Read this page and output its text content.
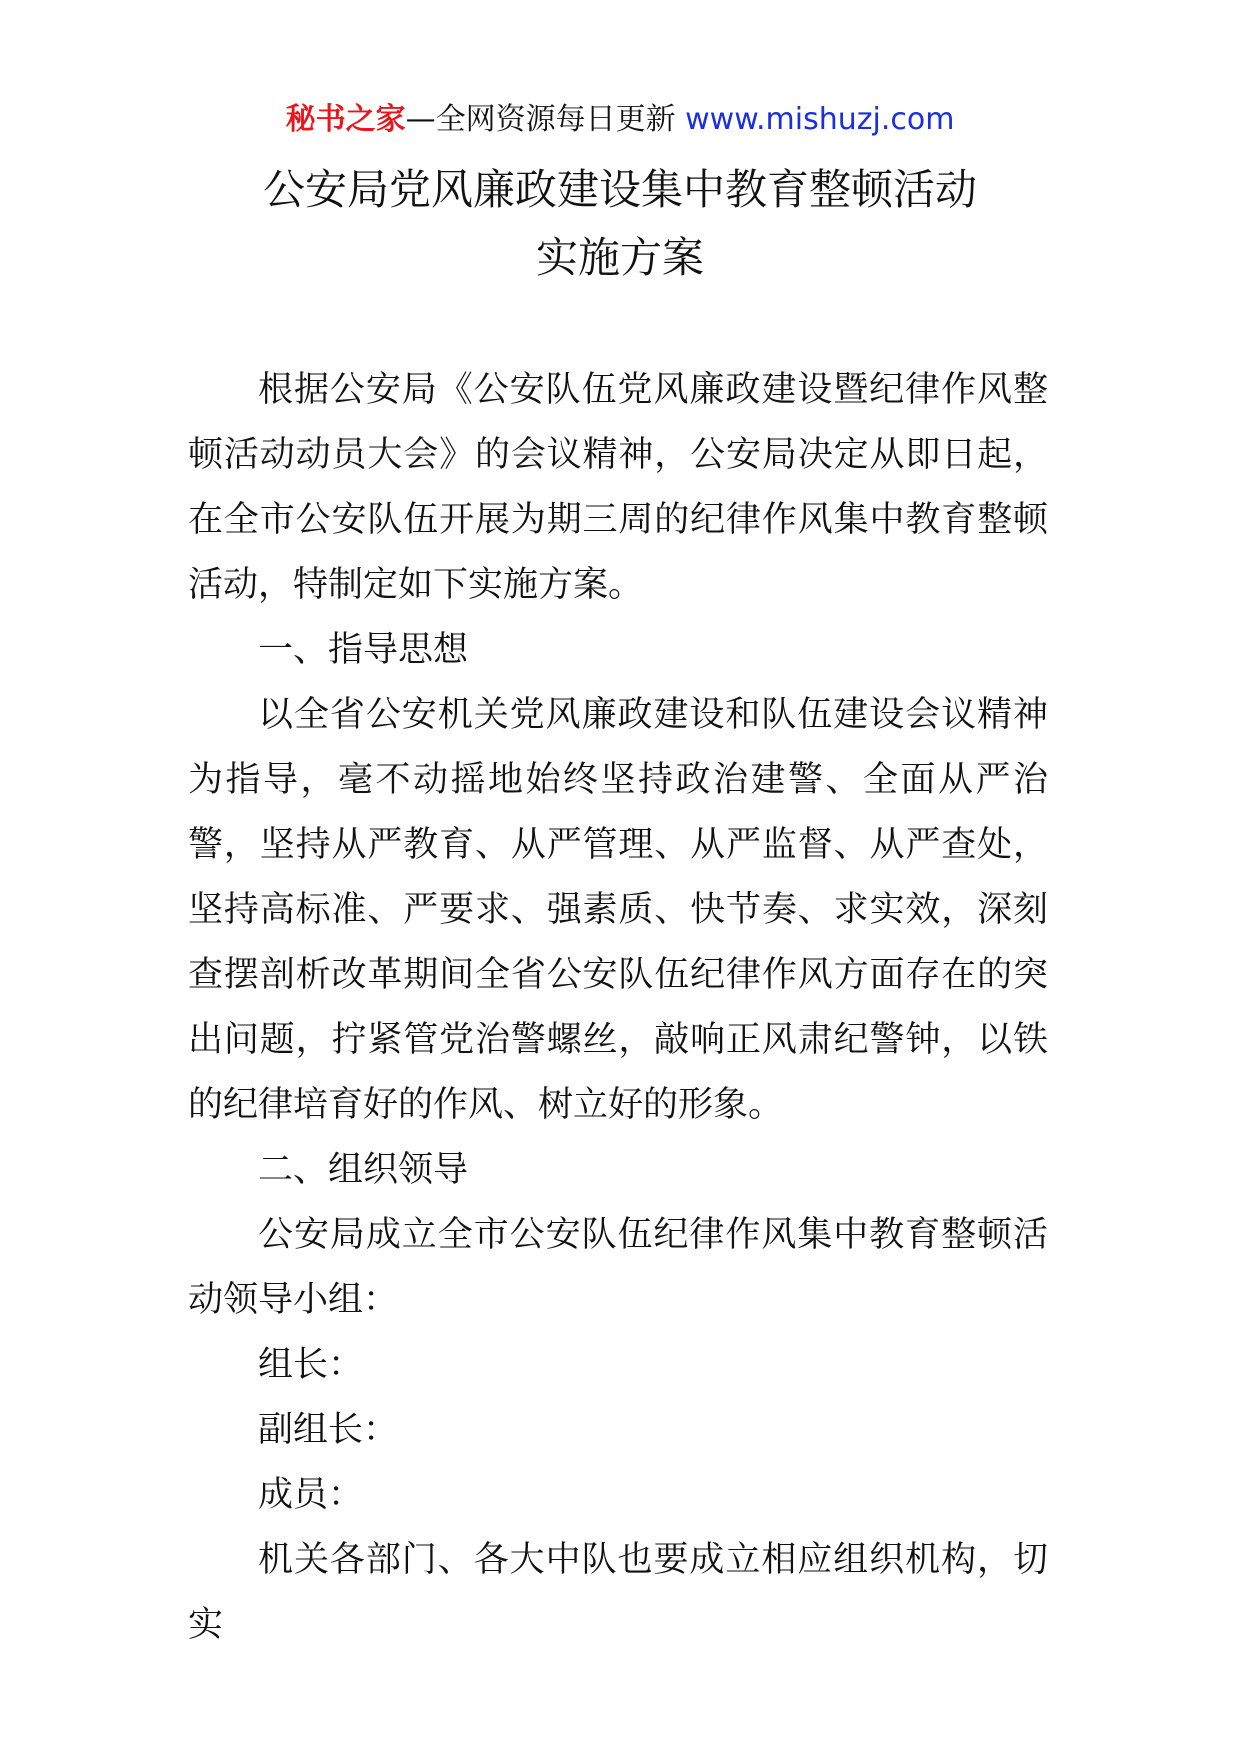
秘书之家—全网资源每日更新 www.mishuzj.com
公安局党风廉政建设集中教育整顿活动
实施方案

根据公安局《公安队伍党风廉政建设暨纪律作风整顿活动动员大会》的会议精神，公安局决定从即日起，在全市公安队伍开展为期三周的纪律作风集中教育整顿活动，特制定如下实施方案。

一、指导思想

以全省公安机关党风廉政建设和队伍建设会议精神为指导，毫不动摇地始终坚持政治建警、全面从严治警，坚持从严教育、从严管理、从严监督、从严查处，坚持高标准、严要求、强素质、快节奏、求实效，深刻查摆剖析改革期间全省公安队伍纪律作风方面存在的突出问题，拧紧管党治警螺丝，敲响正风肃纪警钟，以铁的纪律培育好的作风、树立好的形象。

二、组织领导

公安局成立全市公安队伍纪律作风集中教育整顿活动领导小组：

组长：

副组长：

成员：

机关各部门、各大中队也要成立相应组织机构，切实
